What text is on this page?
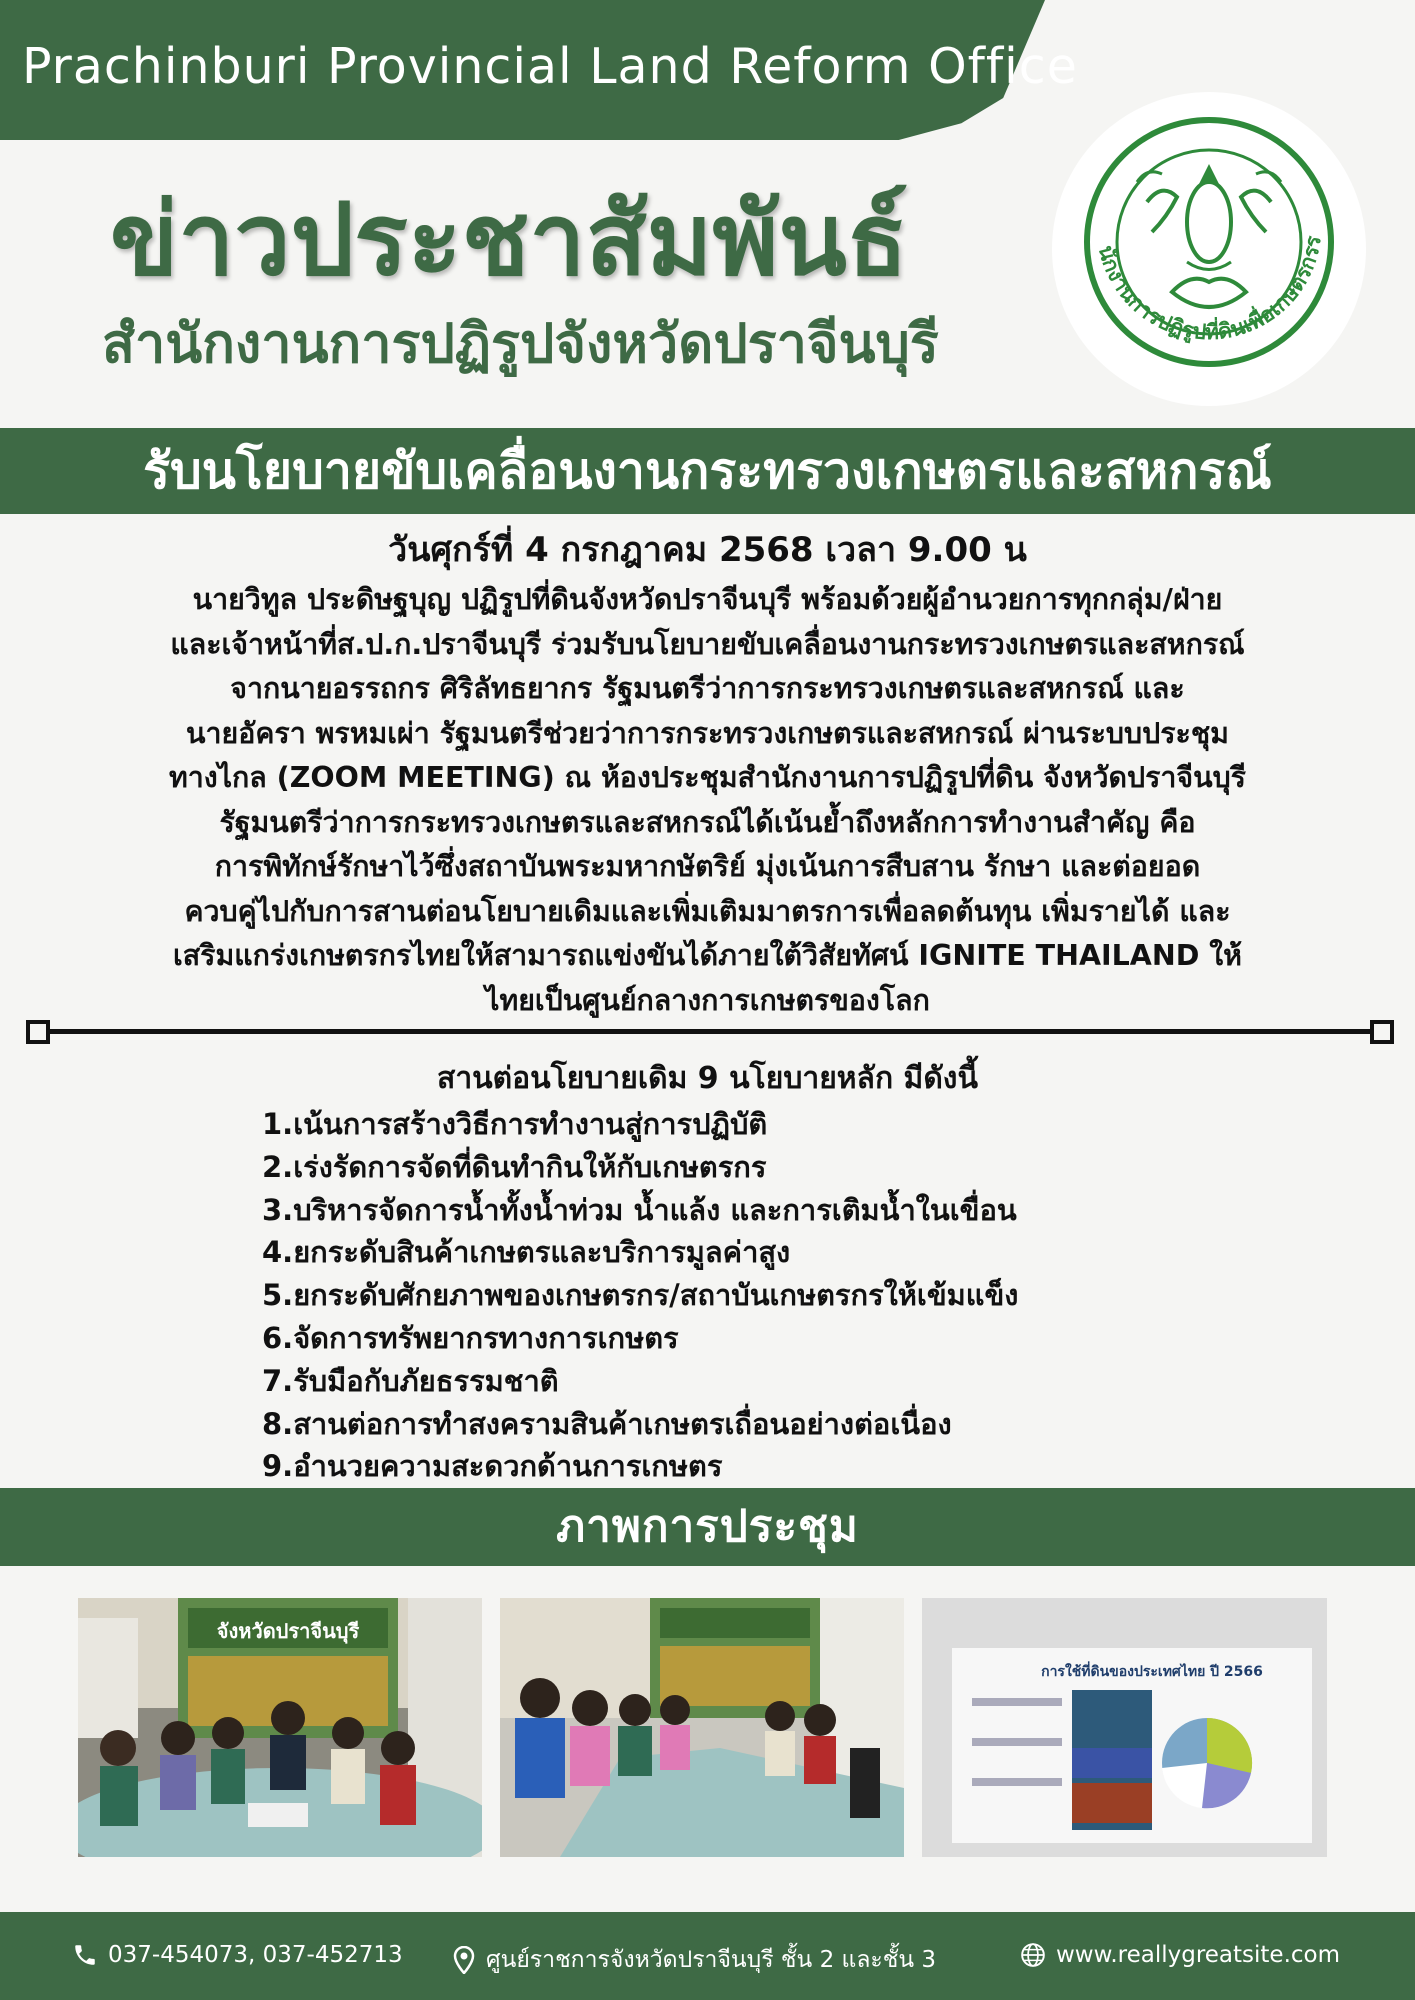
Prachinburi Provincial Land Reform Office
ข่าวประชาสัมพันธ์
สำนักงานการปฏิรูปจังหวัดปราจีนบุรี
นักงานการปฏิรูปที่ดินเพื่อเกษตรกรร
รับนโยบายขับเคลื่อนงานกระทรวงเกษตรและสหกรณ์
วันศุกร์ที่ 4 กรกฎาคม 2568 เวลา 9.00 น
นายวิทูล ประดิษฐบุญ ปฏิรูปที่ดินจังหวัดปราจีนบุรี พร้อมด้วยผู้อำนวยการทุกกลุ่ม/ฝ่าย
และเจ้าหน้าที่ส.ป.ก.ปราจีนบุรี ร่วมรับนโยบายขับเคลื่อนงานกระทรวงเกษตรและสหกรณ์
จากนายอรรถกร ศิริลัทธยากร รัฐมนตรีว่าการกระทรวงเกษตรและสหกรณ์ และ
นายอัครา พรหมเผ่า รัฐมนตรีช่วยว่าการกระทรวงเกษตรและสหกรณ์ ผ่านระบบประชุม
ทางไกล (ZOOM MEETING) ณ ห้องประชุมสำนักงานการปฏิรูปที่ดิน จังหวัดปราจีนบุรี
รัฐมนตรีว่าการกระทรวงเกษตรและสหกรณ์ได้เน้นย้ำถึงหลักการทำงานสำคัญ คือ
การพิทักษ์รักษาไว้ซึ่งสถาบันพระมหากษัตริย์ มุ่งเน้นการสืบสาน รักษา และต่อยอด
ควบคู่ไปกับการสานต่อนโยบายเดิมและเพิ่มเติมมาตรการเพื่อลดต้นทุน เพิ่มรายได้ และ
เสริมแกร่งเกษตรกรไทยให้สามารถแข่งขันได้ภายใต้วิสัยทัศน์ IGNITE THAILAND ให้
ไทยเป็นศูนย์กลางการเกษตรของโลก
สานต่อนโยบายเดิม 9 นโยบายหลัก มีดังนี้
1.เน้นการสร้างวิธีการทำงานสู่การปฏิบัติ
2.เร่งรัดการจัดที่ดินทำกินให้กับเกษตรกร
3.บริหารจัดการน้ำทั้งน้ำท่วม น้ำแล้ง และการเติมน้ำในเขื่อน
4.ยกระดับสินค้าเกษตรและบริการมูลค่าสูง
5.ยกระดับศักยภาพของเกษตรกร/สถาบันเกษตรกรให้เข้มแข็ง
6.จัดการทรัพยากรทางการเกษตร
7.รับมือกับภัยธรรมชาติ
8.สานต่อการทำสงครามสินค้าเกษตรเถื่อนอย่างต่อเนื่อง
9.อำนวยความสะดวกด้านการเกษตร
ภาพการประชุม
จังหวัดปราจีนบุรี
การใช้ที่ดินของประเทศไทย ปี 2566
037-454073, 037-452713	ศูนย์ราชการจังหวัดปราจีนบุรี ชั้น 2 และชั้น 3	www.reallygreatsite.com
